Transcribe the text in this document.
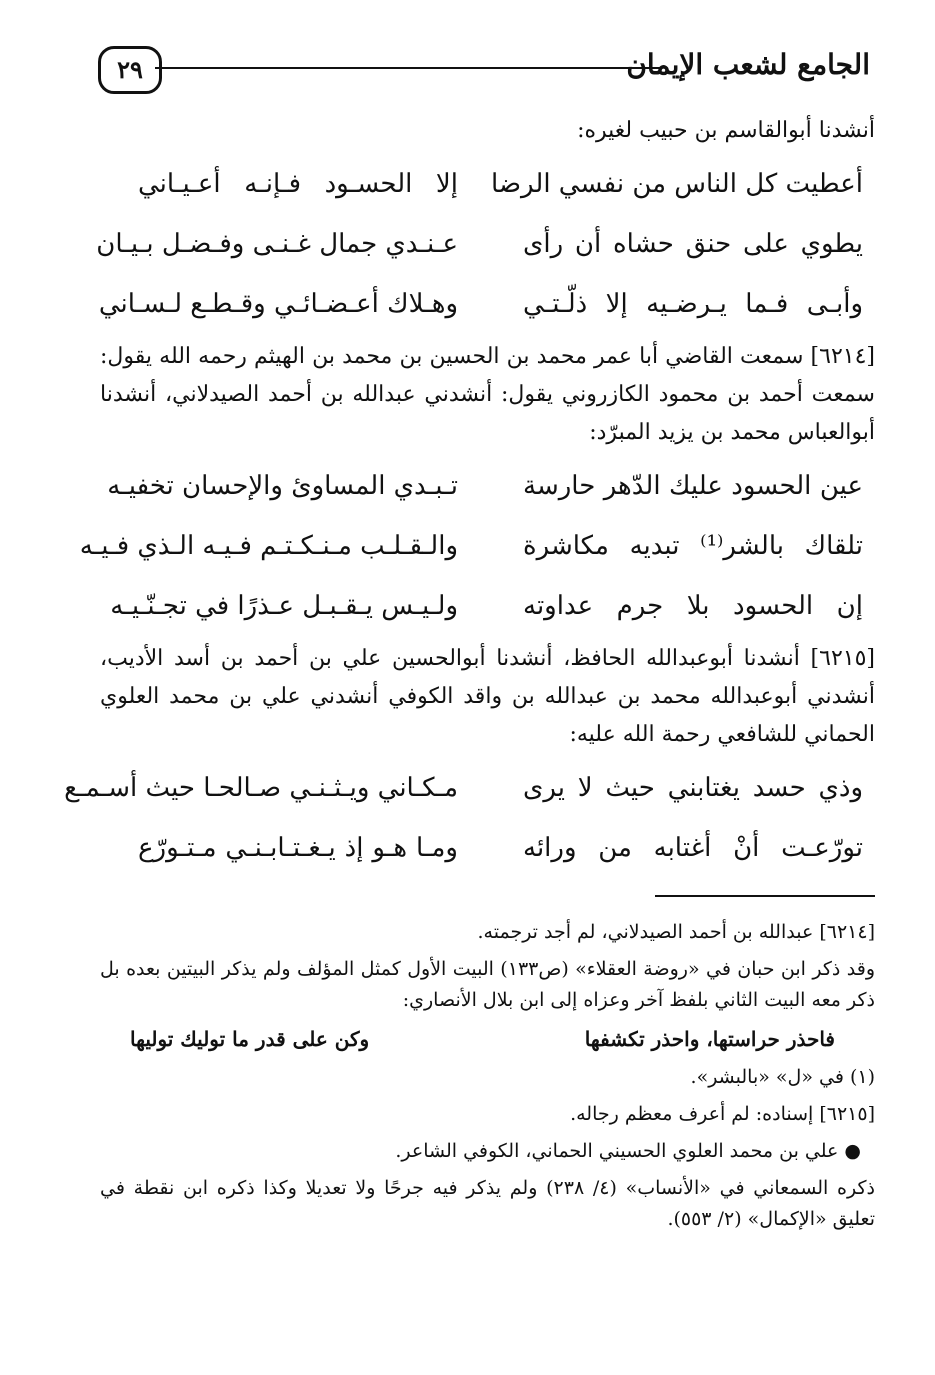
٢٩	الجامع لشعب الإيمان

أنشدنا أبوالقاسم بن حبيب لغيره:

أعطيت كل الناس من نفسي الرضا
إلا الحسـود فـإنـه أعـيـاني
يطوي على حنق حشاه أن رأى
عـنـدي جمال غـنـى وفـضـل بـيـان
وأبـى فـما يـرضـيه إلا ذلّـتـي
وهـلاك أعـضـائـي وقـطـع لـسـاني

[٦٢١٤] سمعت القاضي أبا عمر محمد بن الحسين بن محمد بن الهيثم رحمه الله يقول: سمعت أحمد بن محمود الكازروني يقول: أنشدني عبدالله بن أحمد الصيدلاني، أنشدنا أبوالعباس محمد بن يزيد المبرّد:

عين الحسود عليك الدّهر حارسة
تـبـدي المساوئ والإحسان تخفيـه
تلقاك بالشر⁽¹⁾ تبديه مكاشرة
والـقـلـب مـنـكـتـم فـيـه الـذي فـيـه
إن الحسود بلا جرم عداوته
ولـيـس يـقـبـل عـذرًا في تجـنّـيـه

[٦٢١٥] أنشدنا أبوعبدالله الحافظ، أنشدنا أبوالحسين علي بن أحمد بن أسد الأديب، أنشدني أبوعبدالله محمد بن عبدالله بن واقد الكوفي أنشدني علي بن محمد العلوي الحماني للشافعي رحمة الله عليه:

وذي حسد يغتابني حيث لا يرى
مـكـاني ويـثـنـي صـالحـا حيث أسـمـع
تورّعـت أنْ أغتابه من ورائه
ومـا هـو إذ يـغـتـابـنـي مـتـورّع

[٦٢١٤] عبدالله بن أحمد الصيدلاني، لم أجد ترجمته.

وقد ذكر ابن حبان في «روضة العقلاء» (ص١٣٣) البيت الأول كمثل المؤلف ولم يذكر البيتين بعده بل ذكر معه البيت الثاني بلفظ آخر وعزاه إلى ابن بلال الأنصاري:

فاحذر حراستها، واحذر تكشفها
وكن على قدر ما توليك توليها

(١) في «ل» «بالبشر».

[٦٢١٥] إسناده: لم أعرف معظم رجاله.

● علي بن محمد العلوي الحسيني الحماني، الكوفي الشاعر.

ذكره السمعاني في «الأنساب» (٤/ ٢٣٨) ولم يذكر فيه جرحًا ولا تعديلا وكذا ذكره ابن نقطة في تعليق «الإكمال» (٢/ ٥٥٣).
